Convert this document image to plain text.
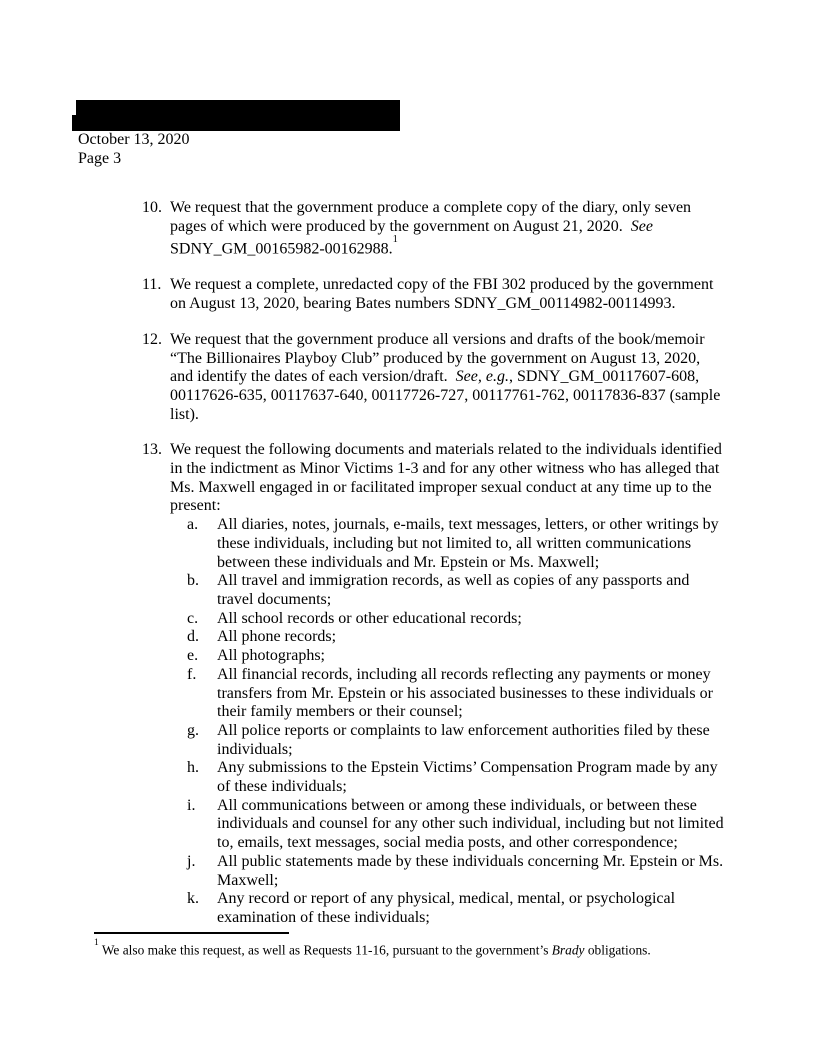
October 13, 2020
Page 3
10. We request that the government produce a complete copy of the diary, only seven pages of which were produced by the government on August 21, 2020.  See SDNY_GM_00165982-00162988.$^1$
11. We request a complete, unredacted copy of the FBI 302 produced by the government on August 13, 2020, bearing Bates numbers SDNY_GM_00114982-00114993.
12. We request that the government produce all versions and drafts of the book/memoir “The Billionaires Playboy Club” produced by the government on August 13, 2020, and identify the dates of each version/draft.  See, e.g., SDNY_GM_00117607-608, 00117626-635, 00117637-640, 00117726-727, 00117761-762, 00117836-837 (sample list).
13. We request the following documents and materials related to the individuals identified in the indictment as Minor Victims 1-3 and for any other witness who has alleged that Ms. Maxwell engaged in or facilitated improper sexual conduct at any time up to the present:
a. All diaries, notes, journals, e-mails, text messages, letters, or other writings by these individuals, including but not limited to, all written communications between these individuals and Mr. Epstein or Ms. Maxwell;
b. All travel and immigration records, as well as copies of any passports and travel documents;
c. All school records or other educational records;
d. All phone records;
e. All photographs;
f. All financial records, including all records reflecting any payments or money transfers from Mr. Epstein or his associated businesses to these individuals or their family members or their counsel;
g. All police reports or complaints to law enforcement authorities filed by these individuals;
h. Any submissions to the Epstein Victims’ Compensation Program made by any of these individuals;
i. All communications between or among these individuals, or between these individuals and counsel for any other such individual, including but not limited to, emails, text messages, social media posts, and other correspondence;
j. All public statements made by these individuals concerning Mr. Epstein or Ms. Maxwell;
k. Any record or report of any physical, medical, mental, or psychological examination of these individuals;
$^1$ We also make this request, as well as Requests 11-16, pursuant to the government’s Brady obligations.
